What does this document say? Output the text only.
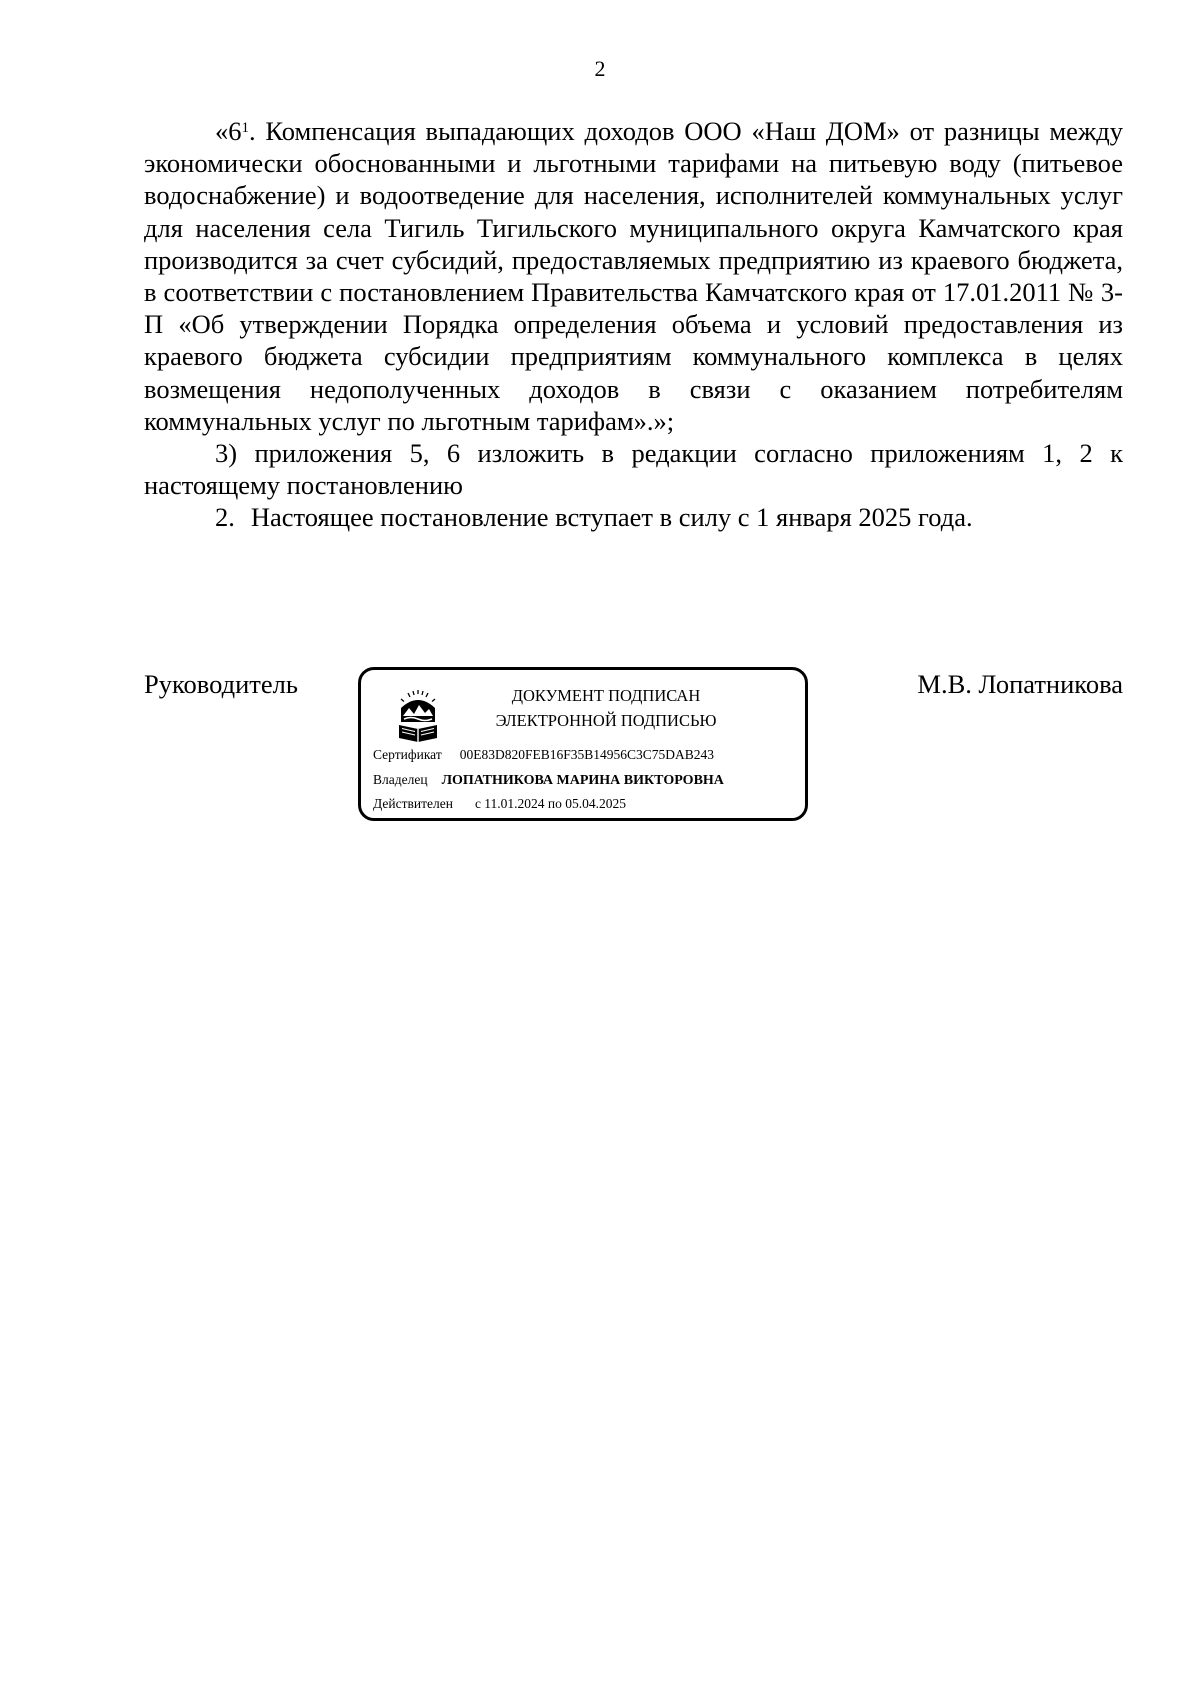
2

«$6^1$. Компенсация выпадающих доходов ООО «Наш ДОМ» от разницы между экономически обоснованными и льготными тарифами на питьевую воду (питьевое водоснабжение) и водоотведение для населения, исполнителей коммунальных услуг для населения села Тигиль Тигильского муниципального округа Камчатского края производится за счет субсидий, предоставляемых предприятию из краевого бюджета, в соответствии с постановлением Правительства Камчатского края от 17.01.2011 № 3-П «Об утверждении Порядка определения объема и условий предоставления из краевого бюджета субсидии предприятиям коммунального комплекса в целях возмещения недополученных доходов в связи с оказанием потребителям коммунальных услуг по льготным тарифам».»;

3) приложения 5, 6 изложить в редакции согласно приложениям 1, 2 к настоящему постановлению

2. Настоящее постановление вступает в силу с 1 января 2025 года.

Руководитель	ДОКУМЕНТ ПОДПИСАН
ЭЛЕКТРОННОЙ ПОДПИСЬЮ
Сертификат 00E83D820FEB16F35B14956C3C75DAB243
Владелец ЛОПАТНИКОВА МАРИНА ВИКТОРОВНА
Действителен с 11.01.2024 по 05.04.2025
М.В. Лопатникова
